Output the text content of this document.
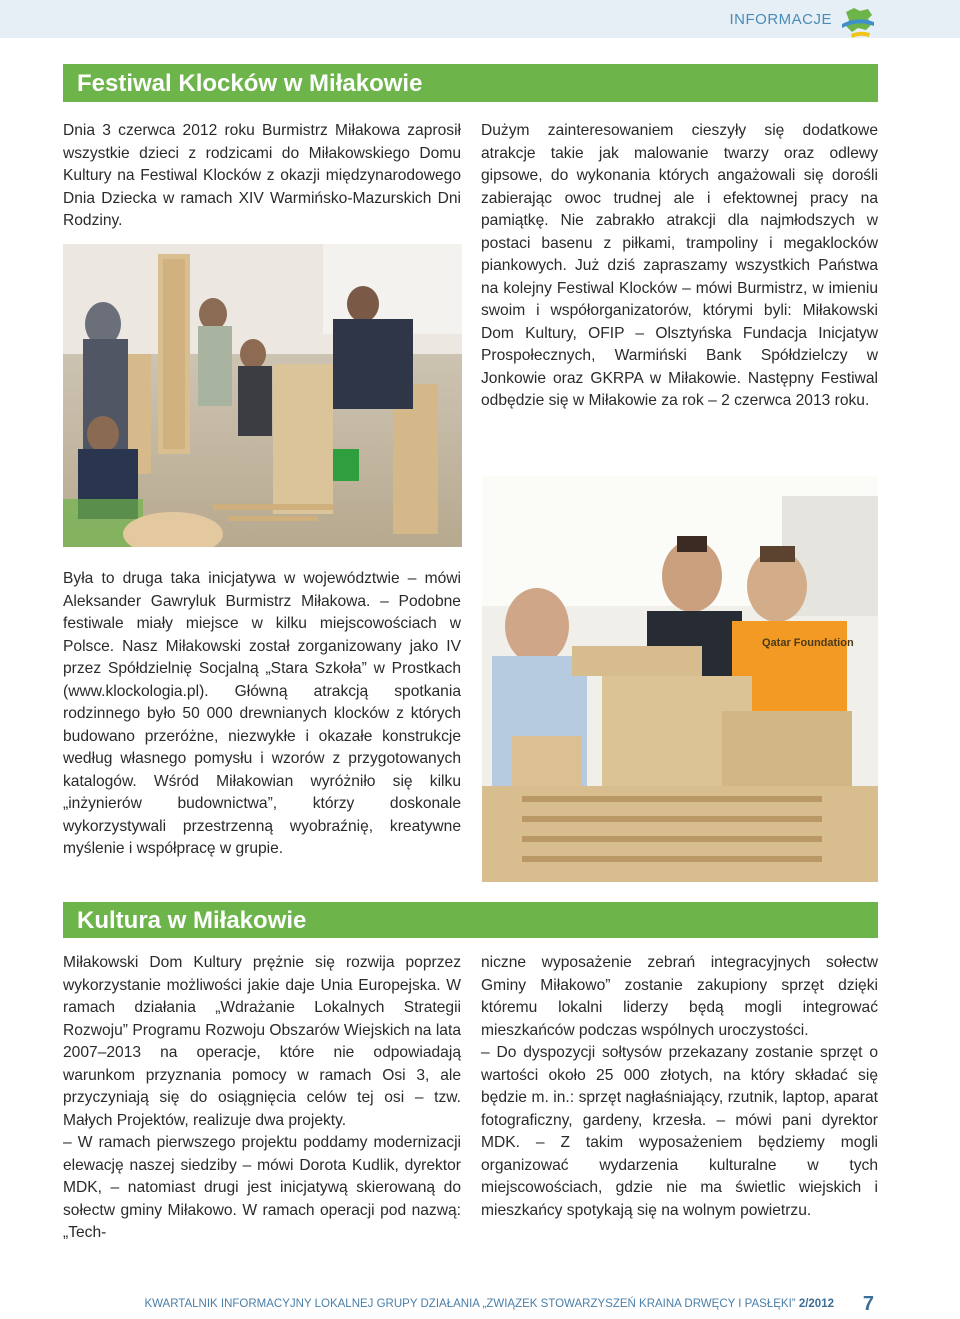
INFORMACJE
Festiwal Klocków w Miłakowie

Dnia 3 czerwca 2012 roku Burmistrz Miłakowa zaprosił wszystkie dzieci z rodzicami do Miłakowskiego Domu Kultury na Festiwal Klocków z okazji międzynarodowego Dnia Dziecka w ramach XIV Warmińsko-Mazurskich Dni Rodziny.

Dużym zainteresowaniem cieszyły się dodatkowe atrakcje takie jak malowanie twarzy oraz odlewy gipsowe, do wykonania których angażowali się dorośli zabierając owoc trudnej ale i efektownej pracy na pamiątkę. Nie zabrakło atrakcji dla najmłodszych w postaci basenu z piłkami, trampoliny i megaklocków piankowych. Już dziś zapraszamy wszystkich Państwa na kolejny Festiwal Klocków – mówi Burmistrz, w imieniu swoim i współorganizatorów, którymi byli: Miłakowski Dom Kultury, OFIP – Olsztyńska Fundacja Inicjatyw Prospołecznych, Warmiński Bank Spółdzielczy w Jonkowie oraz GKRPA w Miłakowie. Następny Festiwal odbędzie się w Miłakowie za rok – 2 czerwca 2013 roku.

Była to druga taka inicjatywa w województwie – mówi Aleksander Gawryluk Burmistrz Miłakowa. – Podobne festiwale miały miejsce w kilku miejscowościach w Polsce. Nasz Miłakowski został zorganizowany jako IV przez Spółdzielnię Socjalną „Stara Szkoła” w Prostkach (www.klockologia.pl). Główną atrakcją spotkania rodzinnego było 50 000 drewnianych klocków z których budowano przeróżne, niezwykłe i okazałe konstrukcje według własnego pomysłu i wzorów z przygotowanych katalogów. Wśród Miłakowian wyróżniło się kilku „inżynierów budownictwa”, którzy doskonale wykorzystywali przestrzenną wyobraźnię, kreatywne myślenie i współpracę w grupie.

Qatar Foundation
Kultura w Miłakowie

Miłakowski Dom Kultury prężnie się rozwija poprzez wykorzystanie możliwości jakie daje Unia Europejska. W ramach działania „Wdrażanie Lokalnych Strategii Rozwoju” Programu Rozwoju Obszarów Wiejskich na lata 2007–2013 na operacje, które nie odpowiadają warunkom przyznania pomocy w ramach Osi 3, ale przyczyniają się do osiągnięcia celów tej osi – tzw. Małych Projektów, realizuje dwa projekty.

– W ramach pierwszego projektu poddamy modernizacji elewację naszej siedziby – mówi Dorota Kudlik, dyrektor MDK, – natomiast drugi jest inicjatywą skierowaną do sołectw gminy Miłakowo. W ramach operacji pod nazwą: „Tech-

niczne wyposażenie zebrań integracyjnych sołectw Gminy Miłakowo” zostanie zakupiony sprzęt dzięki któremu lokalni liderzy będą mogli integrować mieszkańców podczas wspólnych uroczystości.

– Do dyspozycji sołtysów przekazany zostanie sprzęt o wartości około 25 000 złotych, na który składać się będzie m. in.: sprzęt nagłaśniający, rzutnik, laptop, aparat fotograficzny, gardeny, krzesła. – mówi pani dyrektor MDK. – Z takim wyposażeniem będziemy mogli organizować wydarzenia kulturalne w tych miejscowościach, gdzie nie ma świetlic wiejskich i mieszkańcy spotykają się na wolnym powietrzu.

KWARTALNIK INFORMACYJNY LOKALNEJ GRUPY DZIAŁANIA „ZWIĄZEK STOWARZYSZEŃ KRAINA DRWĘCY I PASŁĘKI” 2/2012 7
